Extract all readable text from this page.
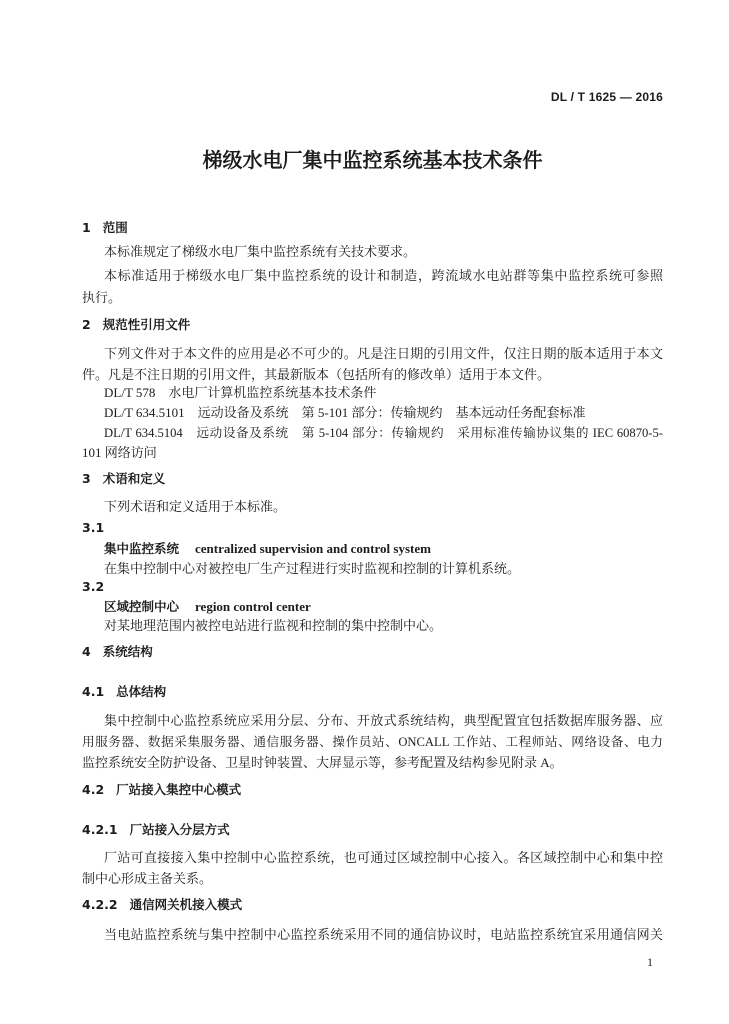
DL / T 1625 — 2016
梯级水电厂集中监控系统基本技术条件
1 范围
本标准规定了梯级水电厂集中监控系统有关技术要求。
本标准适用于梯级水电厂集中监控系统的设计和制造，跨流域水电站群等集中监控系统可参照
执行。
2 规范性引用文件
下列文件对于本文件的应用是必不可少的。凡是注日期的引用文件，仅注日期的版本适用于本文
件。凡是不注日期的引用文件，其最新版本（包括所有的修改单）适用于本文件。
DL/T 578　水电厂计算机监控系统基本技术条件
DL/T 634.5101　远动设备及系统　第 5-101 部分：传输规约　基本远动任务配套标准
DL/T 634.5104　远动设备及系统　第 5-104 部分：传输规约　采用标准传输协议集的 IEC 60870-5-
101 网络访问
3 术语和定义
下列术语和定义适用于本标准。
3.1
集中监控系统 centralized supervision and control system
在集中控制中心对被控电厂生产过程进行实时监视和控制的计算机系统。
3.2
区域控制中心 region control center
对某地理范围内被控电站进行监视和控制的集中控制中心。
4 系统结构
4.1 总体结构
集中控制中心监控系统应采用分层、分布、开放式系统结构，典型配置宜包括数据库服务器、应
用服务器、数据采集服务器、通信服务器、操作员站、ONCALL 工作站、工程师站、网络设备、电力
监控系统安全防护设备、卫星时钟装置、大屏显示等，参考配置及结构参见附录 A。
4.2 厂站接入集控中心模式
4.2.1 厂站接入分层方式
厂站可直接接入集中控制中心监控系统，也可通过区域控制中心接入。各区域控制中心和集中控
制中心形成主备关系。
4.2.2 通信网关机接入模式
当电站监控系统与集中控制中心监控系统采用不同的通信协议时，电站监控系统宜采用通信网关
1
